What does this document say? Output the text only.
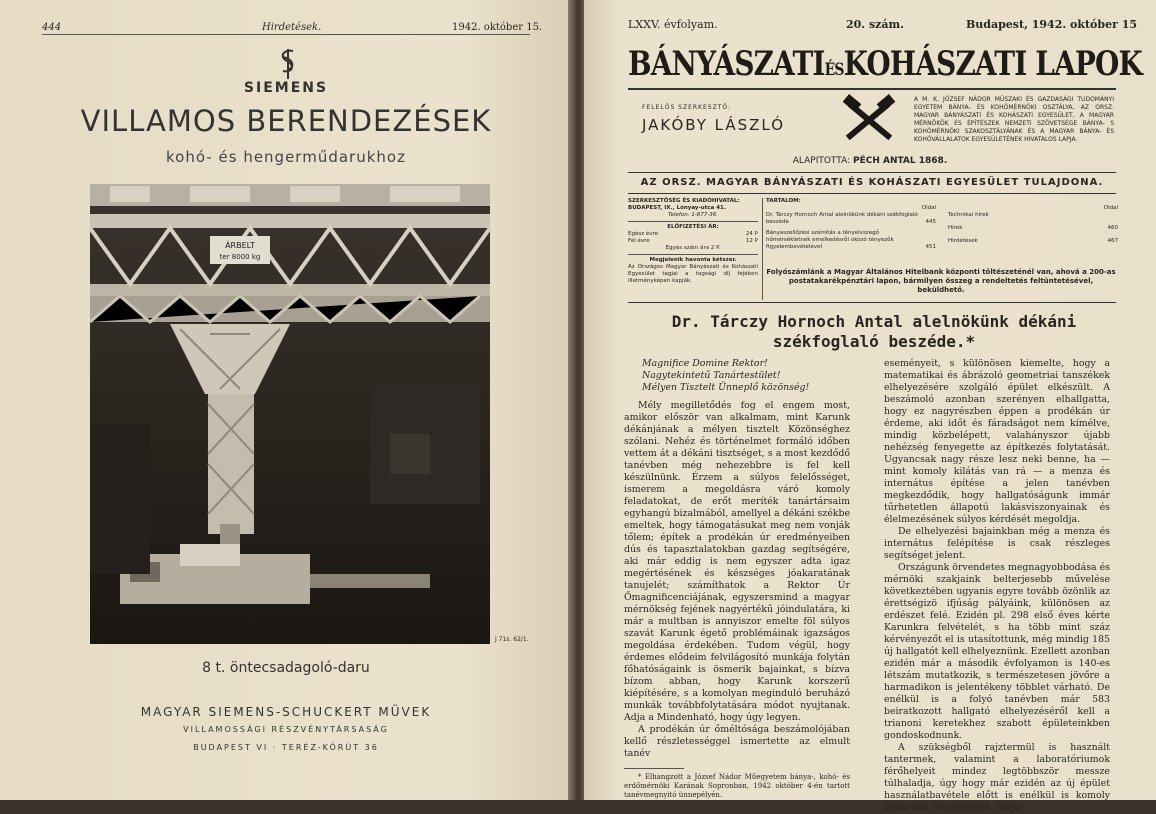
444	Hirdetések.	1942. október 15.
SIEMENS
VILLAMOS BERENDEZÉSEK
kohó- és hengerműdarukhoz
ÁRBELT
ter 8000 kg
J 71s. 62/1.
8 t. öntecsadagoló-daru
MAGYAR SIEMENS-SCHUCKERT MÜVEK
VILLAMOSSÁGI RÉSZVÉNYTÁRSASÁG
BUDAPEST VI · TERÉZ-KÖRÚT 36
LXXV. évfolyam.	20. szám.	Budapest, 1942. október 15
BÁNYÁSZATIÉSKOHÁSZATI LAPOK
FELELŐS SZERKESZTŐ:
JAKÓBY LÁSZLÓ
A M. K. JÓZSEF NÁDOR MŰSZAKI ÉS GAZDASÁGI TUDOMÁNYI EGYETEM BÁNYA- ÉS KOHÓMÉRNÖKI OSZTÁLYA, AZ ORSZ. MAGYAR BÁNYÁSZATI ÉS KOHÁSZATI EGYESÜLET, A MAGYAR MÉRNÖKÖK ÉS ÉPÍTÉSZEK NEMZETI SZÖVETSÉGE BÁNYA- S KOHÓMÉRNÖKI SZAKOSZTÁLYÁNAK ÉS A MAGYAR BÁNYA- ÉS KOHÓVÁLLALATOK EGYESÜLETÉNEK HIVATALOS LAPJA.
ALAPITOTTA: PÉCH ANTAL 1868.
AZ ORSZ. MAGYAR BÁNYÁSZATI ÉS KOHÁSZATI EGYESÜLET TULAJDONA.
SZERKESZTŐSÉG ÉS KIADÓHIVATAL:
BUDAPEST, IX., Lónyay-utca 41.
Telefon: 1-877-36.
ELŐFIZETÉSI ÁR:
Egész évre	24 P
Fél évre	12 P
Egyes szám ára 2 P.
Megjelenik havonta kétszer.
Az Országos Magyar Bányászati és Kohászati Egyesület tagjai a tagsági díj fejében illetményképen kapják.
TARTALOM:
Oldal
Dr. Tárczy Hornoch Antal alelnökünk dékáni székfoglaló beszéde	445
Bányaszellőzési számítás a tényelvszegő hőmérsékletnek emelkedésről okozó tényezők figyelembevételével	451
Oldal
Technikai hírek
Hírek	460
Hirdetések	467
Folyószámlánk a Magyar Általános Hitelbank központi tőltészeténél van, ahová a 200-as postatakarékpénztári lapon, bármilyen összeg a rendeltetés feltüntetésével, beküldhető.
Dr. Tárczy Hornoch Antal alelnökünk dékáni székfoglaló beszéde.*

Magnifice Domine Rektor!

Nagytekintetű Tanártestület!

Mélyen Tisztelt Ünneplő közönség!

Mély megilletődés fog el engem most, amikor először van alkalmam, mint Karunk dékánjának a mélyen tisztelt Közönséghez szólani. Nehéz és történelmet formáló időben vettem át a dékáni tisztséget, s a most kezdődő tanévben még nehezebbre is fel kell készülnünk. Érzem a súlyos felelősséget, ismerem a megoldásra váró komoly feladatokat, de erőt meríték tanártársaim egyhangú bizalmából, amellyel a dékáni székbe emeltek, hogy támogatásukat meg nem vonják tőlem; építek a prodékán úr eredményeiben dús és tapasztalatokban gazdag segítségére, aki már eddig is nem egyszer adta igaz megértésének és készséges jóakaratának tanujelét; számíthatok a Rektor Úr Őmagnificenciájának, egyszersmind a magyar mérnökség fejének nagyértékű jóindulatára, ki már a multban is annyiszor emelte föl súlyos szavát Karunk égető problémáinak igazságos megoldása érdekében. Tudom végül, hogy érdemes elődeim felvilágosító munkája folytán főhatóságaink is ösmerik bajainkat, s bízva bízom abban, hogy Karunk korszerű kiépítésére, s a komolyan meginduló beruházó munkák továbbfolytatására módot nyujtanak. Adja a Mindenható, hogy úgy legyen.

A prodékán úr őméltósága beszámolójában kellő részletességgel ismertette az elmult tanév

* Elhangzott a József Nádor Műegyetem bánya-, kohó- és erdőmérnöki Karának Sopronban, 1942 október 4-én tartott tanévmegnyitó ünnepélyén.

eseményeit, s különösen kiemelte, hogy a matematikai és ábrázoló geometriai tanszékek elhelyezésére szolgáló épület elkészült. A beszámoló azonban szerényen elhallgatta, hogy ez nagyrészben éppen a prodékán úr érdeme, aki időt és fáradságot nem kímélve, mindig közbelépett, valahányszor újabb nehézség fenyegette az építkezés folytatását. Ugyancsak nagy része lesz neki benne, ha — mint komoly kilátás van rá — a menza és internátus építése a jelen tanévben megkezdődik, hogy hallgatóságunk immár tűrhetetlen állapotú lakásviszonyainak és élelmezésének súlyos kérdését megoldja.

De elhelyezési bajainkban még a menza és internátus felépítése is csak részleges segítséget jelent.

Országunk örvendetes megnagyobbodása és mérnöki szakjaink belterjesebb művelése következtében ugyanis egyre tovább özönlik az érettségizö ifjúság pályáink, különösen az erdészet felé. Ezidén pl. 298 első éves kérte Karunkra felvételét, s ha több mint száz kérvényezőt el is utasítottunk, még mindig 185 új hallgatót kell elhelyeznünk. Ezellett azonban ezidén már a második évfolyamon is 140-es létszám mutatkozik, s természetesen jövőre a harmadikon is jelentékeny többlet várható. De enélkül is a folyó tanévben már 583 beiratkozott hallgató elhelyezéséről kell a trianoni keretekhez szabott épületeinkben gondoskodnunk.

A szükségből rajztermül is használt tantermek, valamint a laboratóriumok férőhelyeit mindez legtöbbször messze túlhaladja, úgy hogy már ezidén az új épület használatbavétele előtt is enélkül is komoly zökkenők fenyegetnek. Ideje-
